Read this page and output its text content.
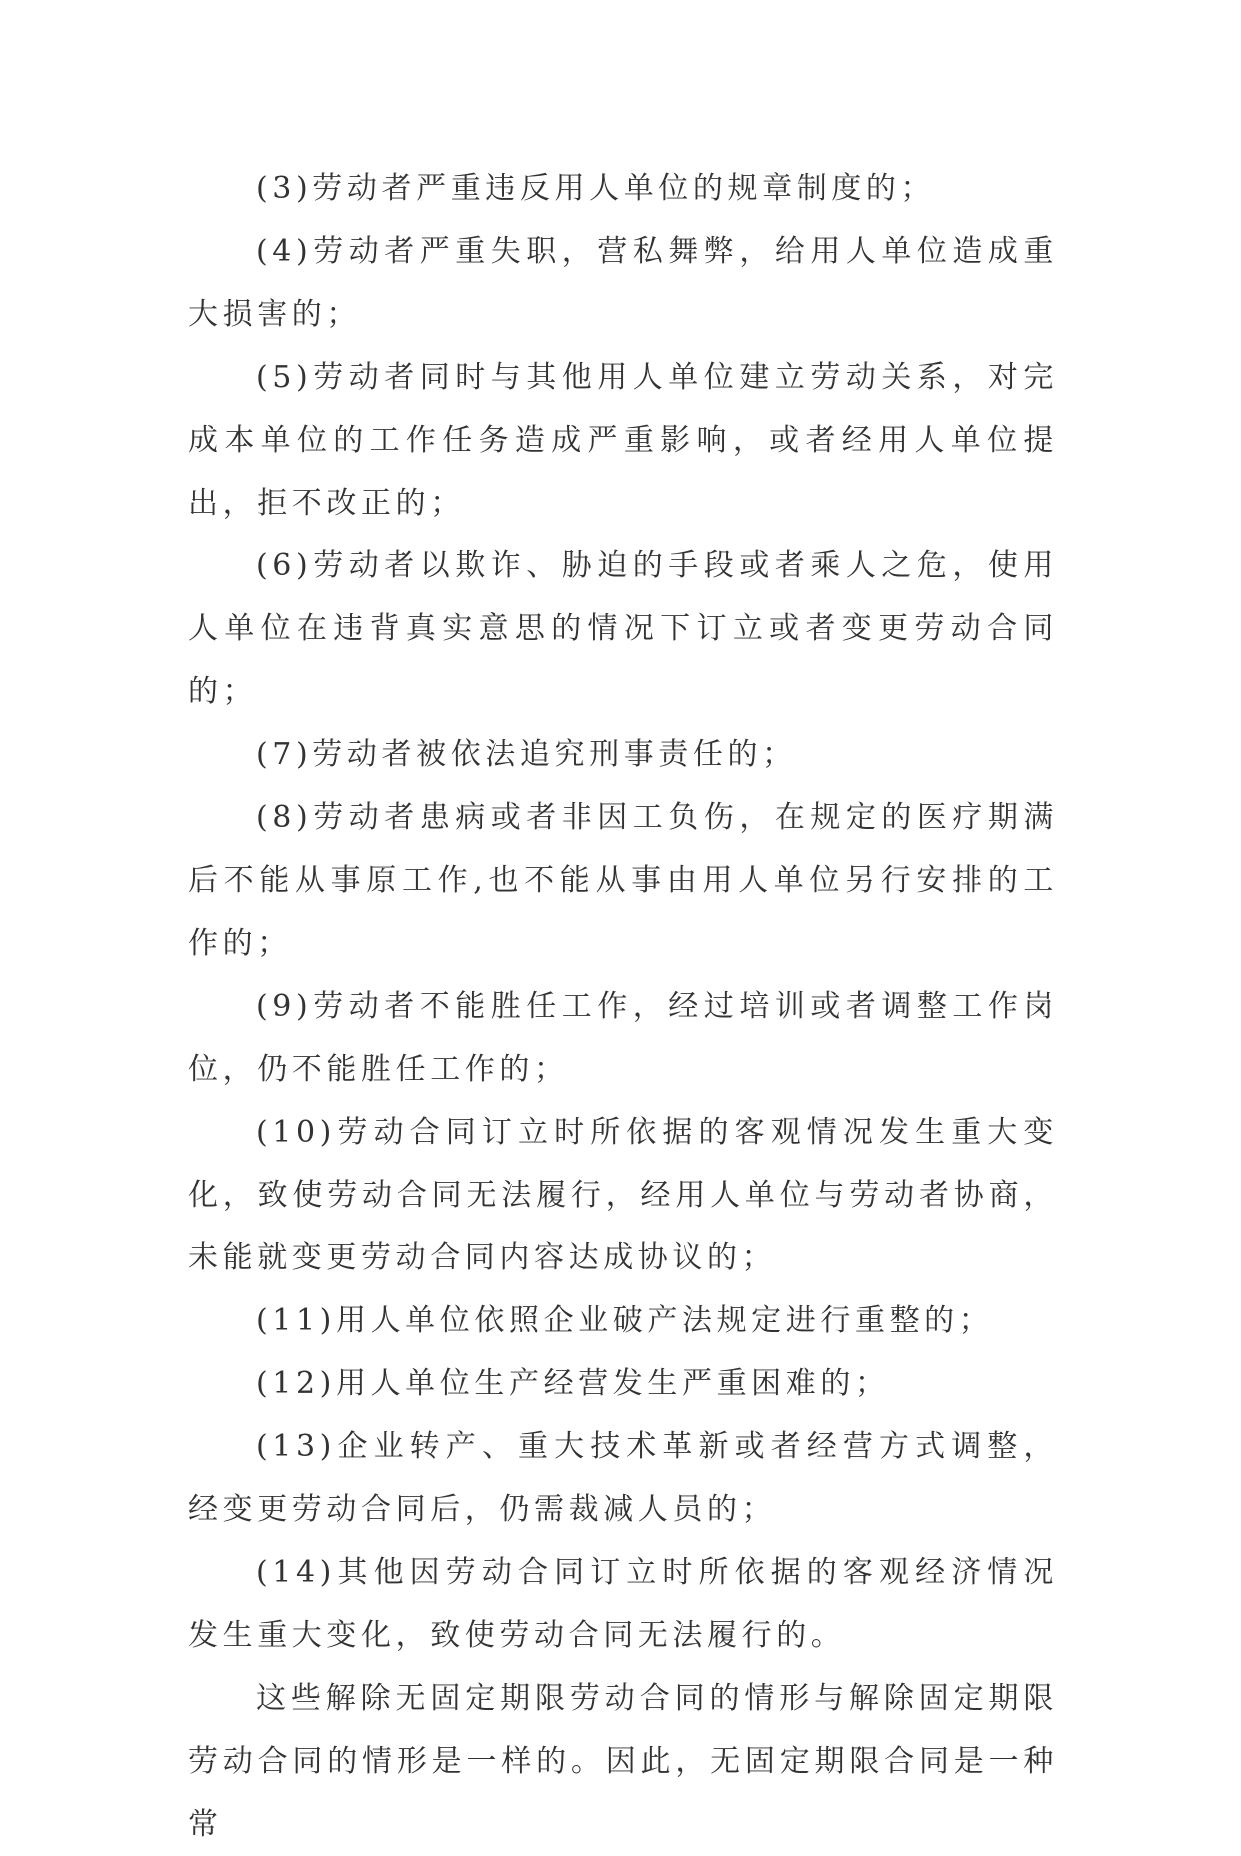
(3)劳动者严重违反用人单位的规章制度的；

(4)劳动者严重失职，营私舞弊，给用人单位造成重大损害的；

(5)劳动者同时与其他用人单位建立劳动关系，对完成本单位的工作任务造成严重影响，或者经用人单位提出，拒不改正的；

(6)劳动者以欺诈、胁迫的手段或者乘人之危，使用人单位在违背真实意思的情况下订立或者变更劳动合同的；

(7)劳动者被依法追究刑事责任的；

(8)劳动者患病或者非因工负伤，在规定的医疗期满后不能从事原工作,也不能从事由用人单位另行安排的工作的；

(9)劳动者不能胜任工作，经过培训或者调整工作岗位，仍不能胜任工作的；

(10)劳动合同订立时所依据的客观情况发生重大变化，致使劳动合同无法履行，经用人单位与劳动者协商，未能就变更劳动合同内容达成协议的；

(11)用人单位依照企业破产法规定进行重整的；

(12)用人单位生产经营发生严重困难的；

(13)企业转产、重大技术革新或者经营方式调整，经变更劳动合同后，仍需裁减人员的；

(14)其他因劳动合同订立时所依据的客观经济情况发生重大变化，致使劳动合同无法履行的。

这些解除无固定期限劳动合同的情形与解除固定期限劳动合同的情形是一样的。因此，无固定期限合同是一种常
